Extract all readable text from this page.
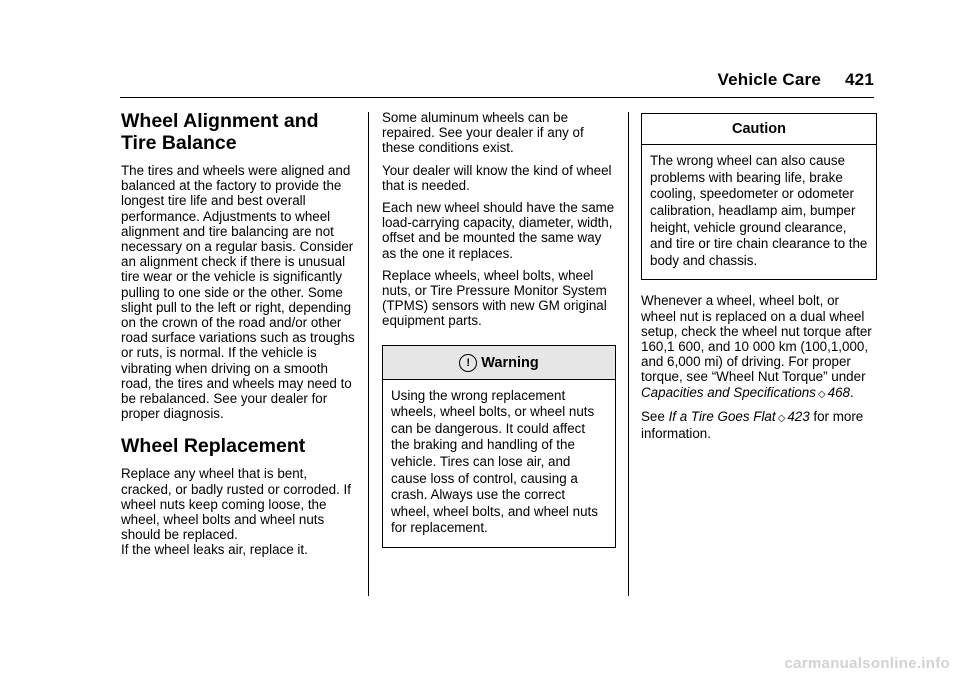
Vehicle Care 421
Wheel Alignment and Tire Balance

The tires and wheels were aligned and balanced at the factory to provide the longest tire life and best overall performance. Adjustments to wheel alignment and tire balancing are not necessary on a regular basis. Consider an alignment check if there is unusual tire wear or the vehicle is significantly pulling to one side or the other. Some slight pull to the left or right, depending on the crown of the road and/or other road surface variations such as troughs or ruts, is normal. If the vehicle is vibrating when driving on a smooth road, the tires and wheels may need to be rebalanced. See your dealer for proper diagnosis.

Wheel Replacement

Replace any wheel that is bent, cracked, or badly rusted or corroded. If wheel nuts keep coming loose, the wheel, wheel bolts and wheel nuts should be replaced.

If the wheel leaks air, replace it.

Some aluminum wheels can be repaired. See your dealer if any of these conditions exist.

Your dealer will know the kind of wheel that is needed.

Each new wheel should have the same load-carrying capacity, diameter, width, offset and be mounted the same way as the one it replaces.

Replace wheels, wheel bolts, wheel nuts, or Tire Pressure Monitor System (TPMS) sensors with new GM original equipment parts.

! Warning
Using the wrong replacement wheels, wheel bolts, or wheel nuts can be dangerous. It could affect the braking and handling of the vehicle. Tires can lose air, and cause loss of control, causing a crash. Always use the correct wheel, wheel bolts, and wheel nuts for replacement.
Caution
The wrong wheel can also cause problems with bearing life, brake cooling, speedometer or odometer calibration, headlamp aim, bumper height, vehicle ground clearance, and tire or tire chain clearance to the body and chassis.

Whenever a wheel, wheel bolt, or wheel nut is replaced on a dual wheel setup, check the wheel nut torque after 160,1 600, and 10 000 km (100,1,000, and 6,000 mi) of driving. For proper torque, see “Wheel Nut Torque” under Capacities and Specifications ◇ 468.

See If a Tire Goes Flat ◇ 423 for more information.

carmanualsonline.info
